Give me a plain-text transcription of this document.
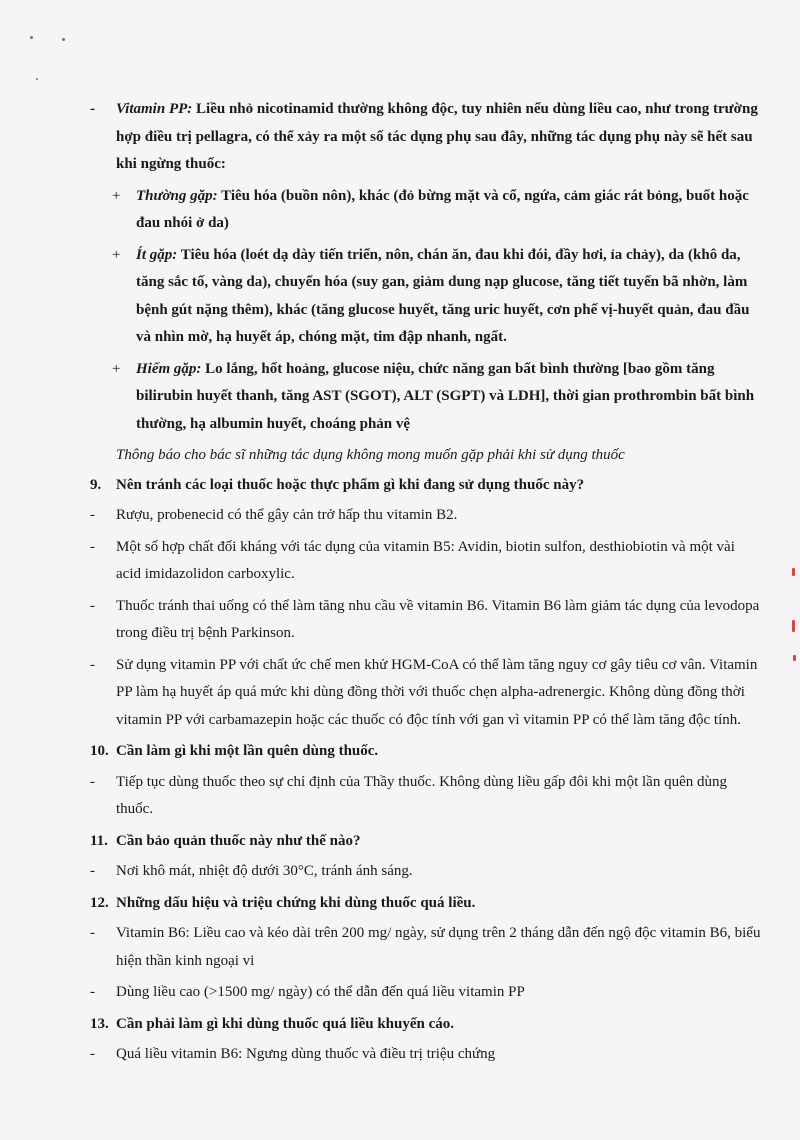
- Vitamin PP: Liều nhỏ nicotinamid thường không độc, tuy nhiên nếu dùng liều cao, như trong trường hợp điều trị pellagra, có thể xảy ra một số tác dụng phụ sau đây, những tác dụng phụ này sẽ hết sau khi ngừng thuốc:
+ Thường gặp: Tiêu hóa (buồn nôn), khác (đỏ bừng mặt và cổ, ngứa, cảm giác rát bỏng, buốt hoặc đau nhói ở da)
+ Ít gặp: Tiêu hóa (loét dạ dày tiến triển, nôn, chán ăn, đau khi đói, đầy hơi, ỉa chảy), da (khô da, tăng sắc tố, vàng da), chuyển hóa (suy gan, giảm dung nạp glucose, tăng tiết tuyến bã nhờn, làm bệnh gút nặng thêm), khác (tăng glucose huyết, tăng uric huyết, cơn phế vị-huyết quản, đau đầu và nhìn mờ, hạ huyết áp, chóng mặt, tim đập nhanh, ngất.
+ Hiếm gặp: Lo lắng, hốt hoảng, glucose niệu, chức năng gan bất bình thường [bao gồm tăng bilirubin huyết thanh, tăng AST (SGOT), ALT (SGPT) và LDH], thời gian prothrombin bất bình thường, hạ albumin huyết, choáng phản vệ
Thông báo cho bác sĩ những tác dụng không mong muốn gặp phải khi sử dụng thuốc
9. Nên tránh các loại thuốc hoặc thực phẩm gì khi đang sử dụng thuốc này?
- Rượu, probenecid có thể gây cản trở hấp thu vitamin B2.
- Một số hợp chất đối kháng với tác dụng của vitamin B5: Avidin, biotin sulfon, desthiobiotin và một vài acid imidazolidon carboxylic.
- Thuốc tránh thai uống có thể làm tăng nhu cầu về vitamin B6. Vitamin B6 làm giảm tác dụng của levodopa trong điều trị bệnh Parkinson.
- Sử dụng vitamin PP với chất ức chế men khử HGM-CoA có thể làm tăng nguy cơ gây tiêu cơ vân. Vitamin PP làm hạ huyết áp quá mức khi dùng đồng thời với thuốc chẹn alpha-adrenergic. Không dùng đồng thời vitamin PP với carbamazepin hoặc các thuốc có độc tính với gan vì vitamin PP có thể làm tăng độc tính.
10. Cần làm gì khi một lần quên dùng thuốc.
- Tiếp tục dùng thuốc theo sự chỉ định của Thầy thuốc. Không dùng liều gấp đôi khi một lần quên dùng thuốc.
11. Cần bảo quản thuốc này như thế nào?
- Nơi khô mát, nhiệt độ dưới 30°C, tránh ánh sáng.
12. Những dấu hiệu và triệu chứng khi dùng thuốc quá liều.
- Vitamin B6: Liều cao và kéo dài trên 200 mg/ ngày, sử dụng trên 2 tháng dẫn đến ngộ độc vitamin B6, biểu hiện thần kinh ngoại vi
- Dùng liều cao (>1500 mg/ ngày) có thể dẫn đến quá liều vitamin PP
13. Cần phải làm gì khi dùng thuốc quá liều khuyến cáo.
- Quá liều vitamin B6: Ngưng dùng thuốc và điều trị triệu chứng
